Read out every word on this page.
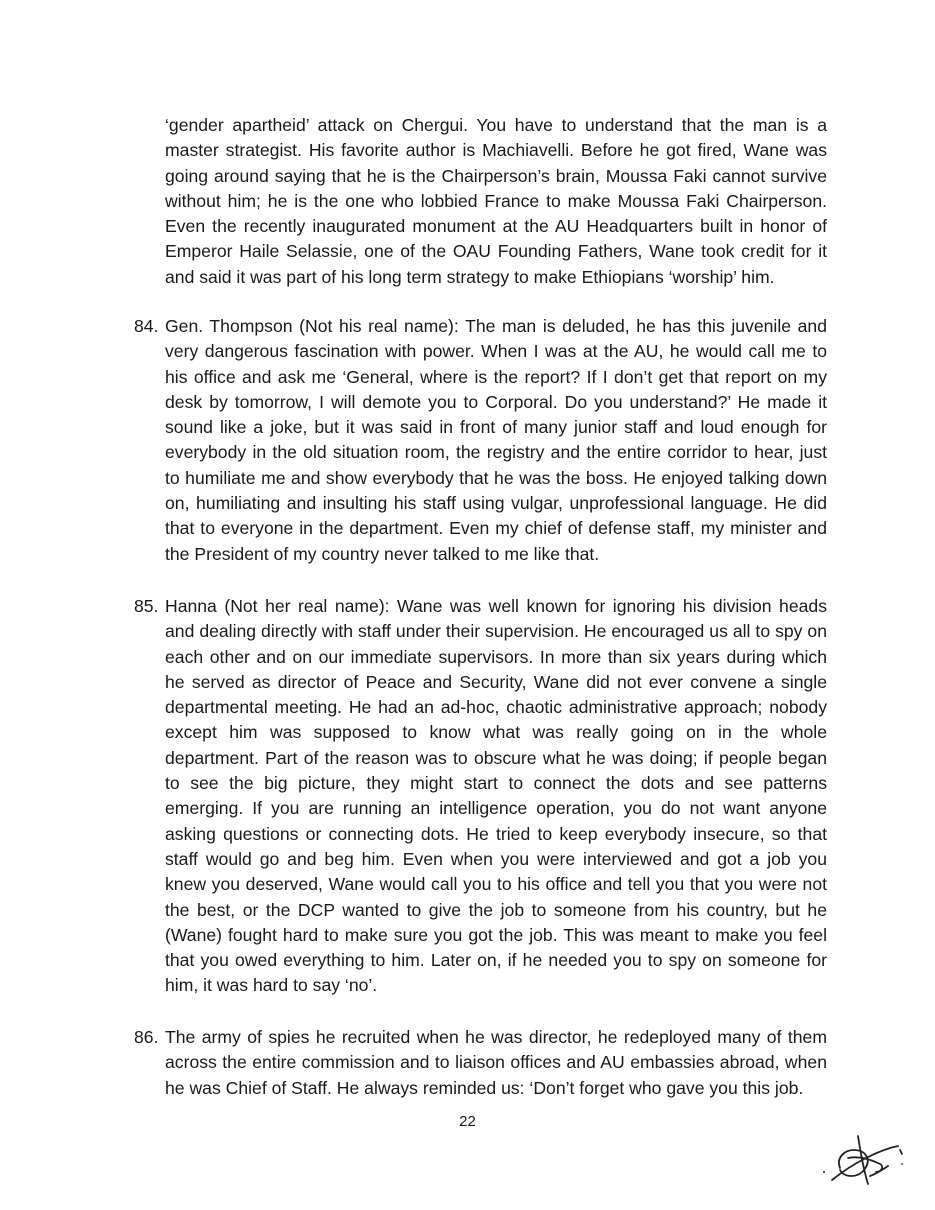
‘gender apartheid’ attack on Chergui. You have to understand that the man is a master strategist. His favorite author is Machiavelli. Before he got fired, Wane was going around saying that he is the Chairperson’s brain, Moussa Faki cannot survive without him; he is the one who lobbied France to make Moussa Faki Chairperson. Even the recently inaugurated monument at the AU Headquarters built in honor of Emperor Haile Selassie, one of the OAU Founding Fathers, Wane took credit for it and said it was part of his long term strategy to make Ethiopians ‘worship’ him.

84. Gen. Thompson (Not his real name): The man is deluded, he has this juvenile and very dangerous fascination with power. When I was at the AU, he would call me to his office and ask me ‘General, where is the report? If I don’t get that report on my desk by tomorrow, I will demote you to Corporal. Do you understand?’ He made it sound like a joke, but it was said in front of many junior staff and loud enough for everybody in the old situation room, the registry and the entire corridor to hear, just to humiliate me and show everybody that he was the boss. He enjoyed talking down on, humiliating and insulting his staff using vulgar, unprofessional language. He did that to everyone in the department. Even my chief of defense staff, my minister and the President of my country never talked to me like that.

85. Hanna (Not her real name): Wane was well known for ignoring his division heads and dealing directly with staff under their supervision. He encouraged us all to spy on each other and on our immediate supervisors. In more than six years during which he served as director of Peace and Security, Wane did not ever convene a single departmental meeting. He had an ad-hoc, chaotic administrative approach; nobody except him was supposed to know what was really going on in the whole department. Part of the reason was to obscure what he was doing; if people began to see the big picture, they might start to connect the dots and see patterns emerging. If you are running an intelligence operation, you do not want anyone asking questions or connecting dots. He tried to keep everybody insecure, so that staff would go and beg him. Even when you were interviewed and got a job you knew you deserved, Wane would call you to his office and tell you that you were not the best, or the DCP wanted to give the job to someone from his country, but he (Wane) fought hard to make sure you got the job. This was meant to make you feel that you owed everything to him. Later on, if he needed you to spy on someone for him, it was hard to say ‘no’.

86. The army of spies he recruited when he was director, he redeployed many of them across the entire commission and to liaison offices and AU embassies abroad, when he was Chief of Staff. He always reminded us: ‘Don’t forget who gave you this job.

22
